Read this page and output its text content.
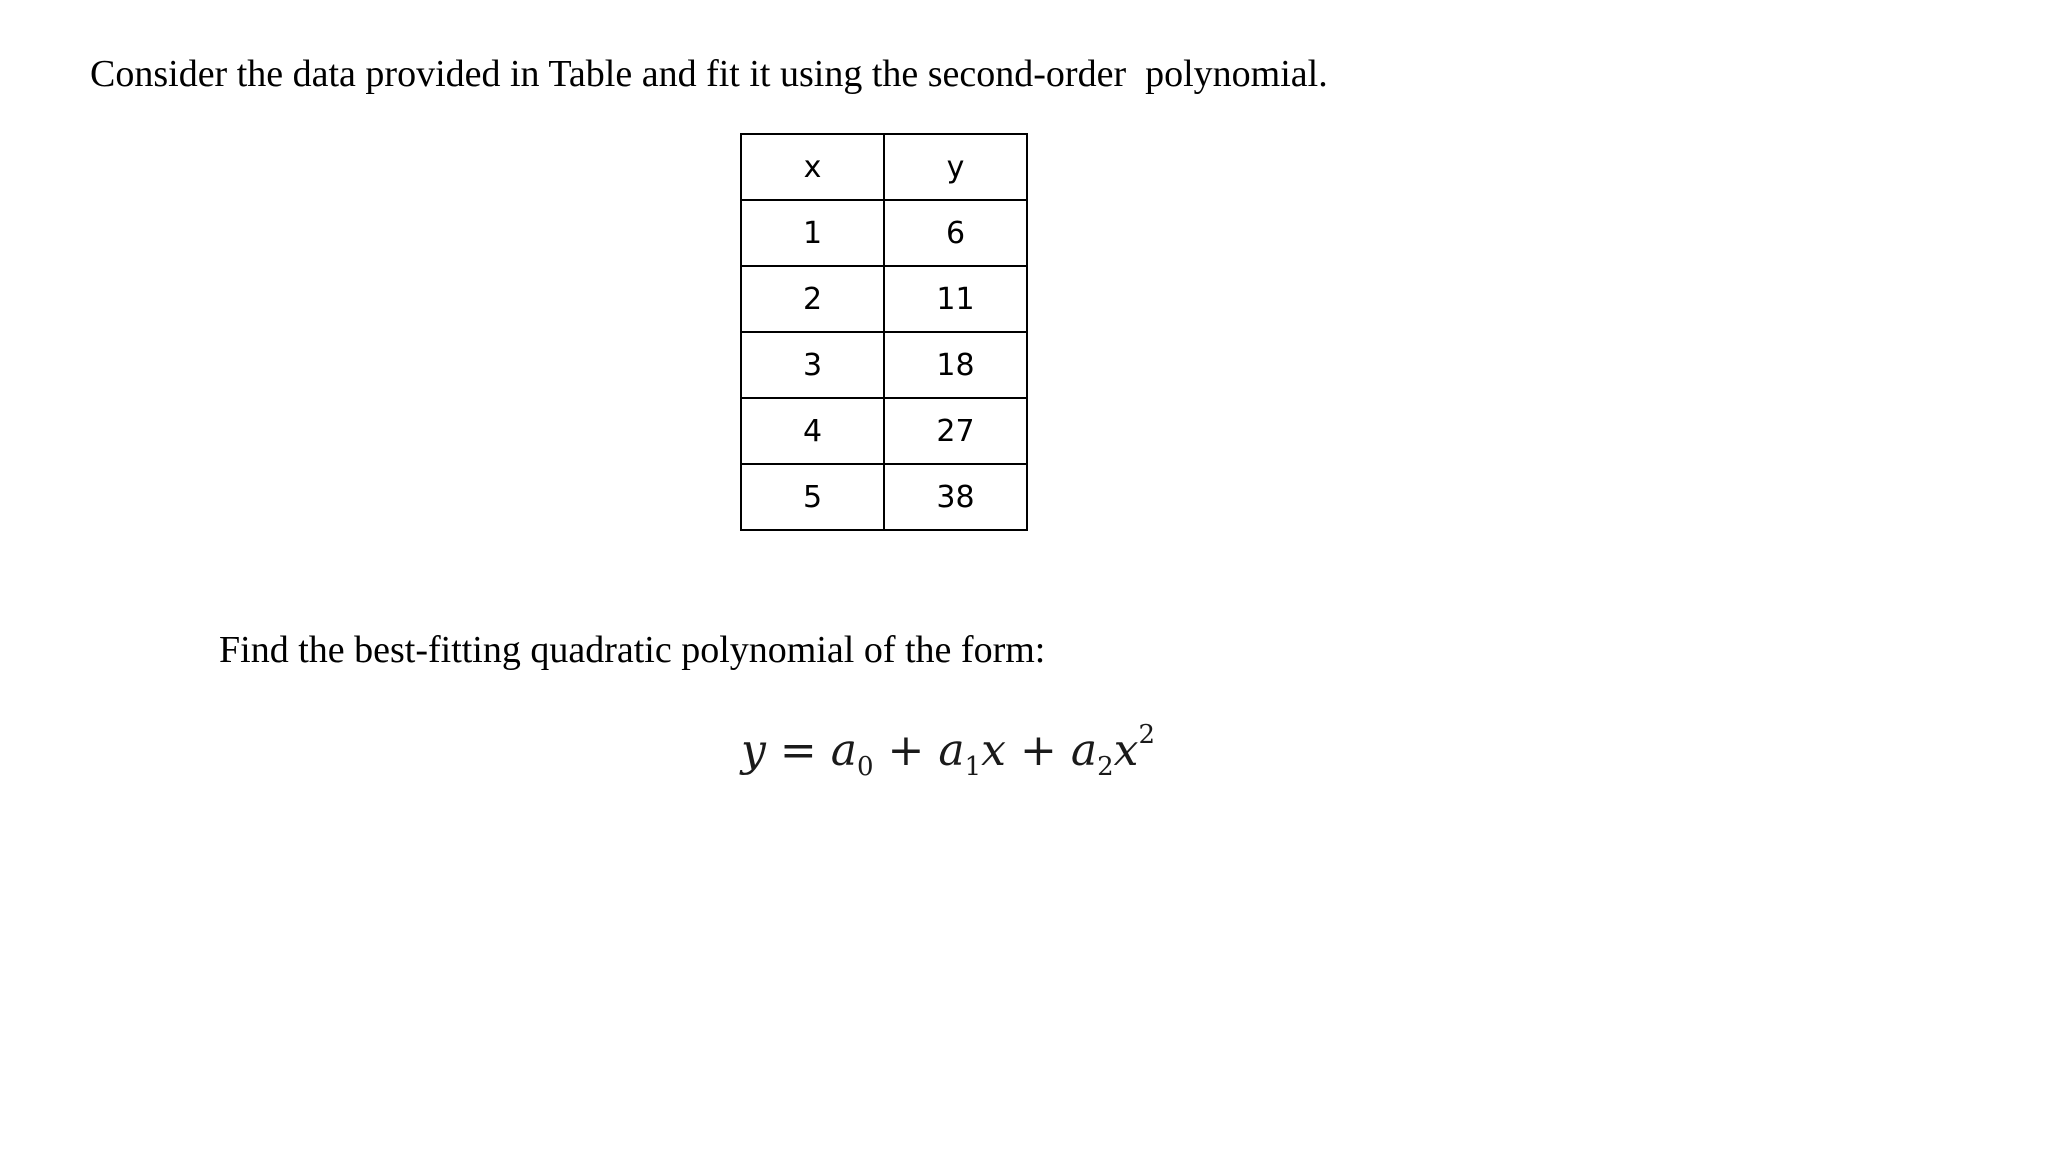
Consider the data provided in Table and fit it using the second-order  polynomial.

x	y
1	6
2	11
3	18
4	27
5	38

Find the best-fitting quadratic polynomial of the form:

$y = a_0 + a_1x + a_2x^2$
